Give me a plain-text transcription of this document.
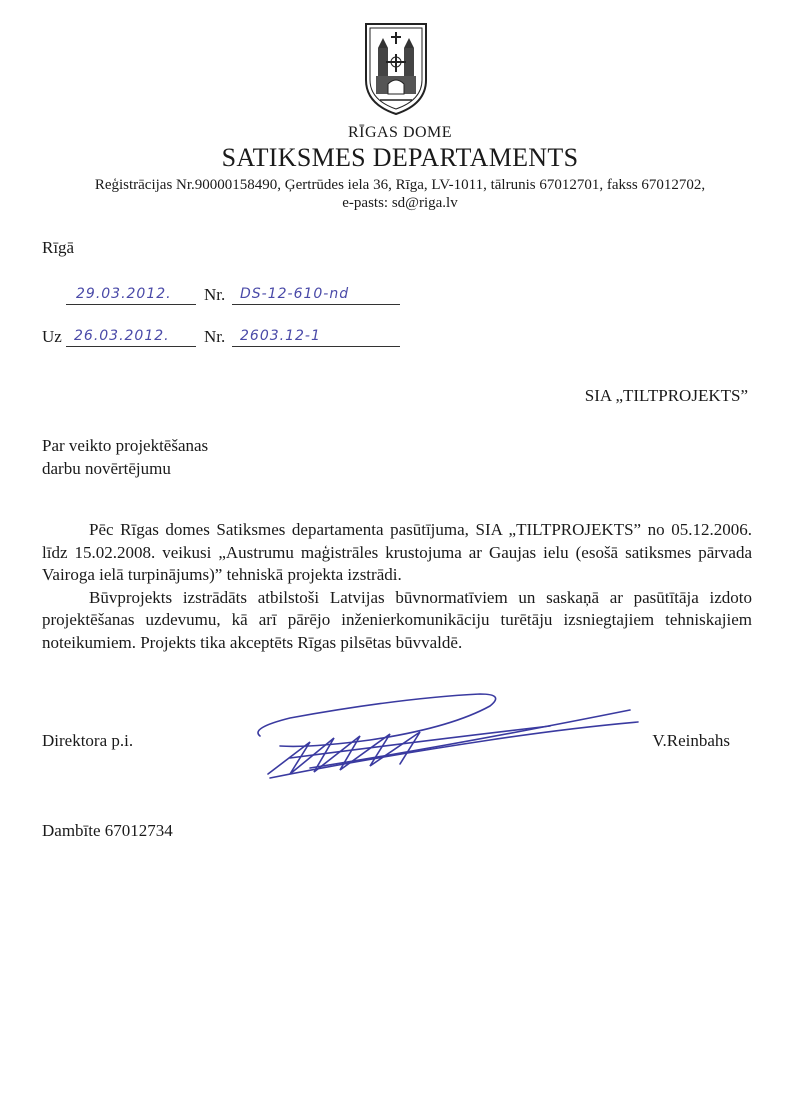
RĪGAS DOME
SATIKSMES DEPARTAMENTS
Reģistrācijas Nr.90000158490, Ģertrūdes iela 36, Rīga, LV-1011, tālrunis 67012701, fakss 67012702,
e-pasts: sd@riga.lv
Rīgā
29.03.2012. Nr. DS-12-610-nd
Uz 26.03.2012. Nr. 2603.12-1
SIA „TILTPROJEKTS”
Par veikto projektēšanas
darbu novērtējumu

Pēc Rīgas domes Satiksmes departamenta pasūtījuma, SIA „TILTPROJEKTS” no 05.12.2006. līdz 15.02.2008. veikusi „Austrumu maģistrāles krustojuma ar Gaujas ielu (esošā satiksmes pārvada Vairoga ielā turpinājums)” tehniskā projekta izstrādi.

Būvprojekts izstrādāts atbilstoši Latvijas būvnormatīviem un saskaņā ar pasūtītāja izdoto projektēšanas uzdevumu, kā arī pārējo inženierkomunikāciju turētāju izsniegtajiem tehniskajiem noteikumiem. Projekts tika akceptēts Rīgas pilsētas būvvaldē.

Direktora p.i.	V.Reinbahs
Dambīte 67012734
